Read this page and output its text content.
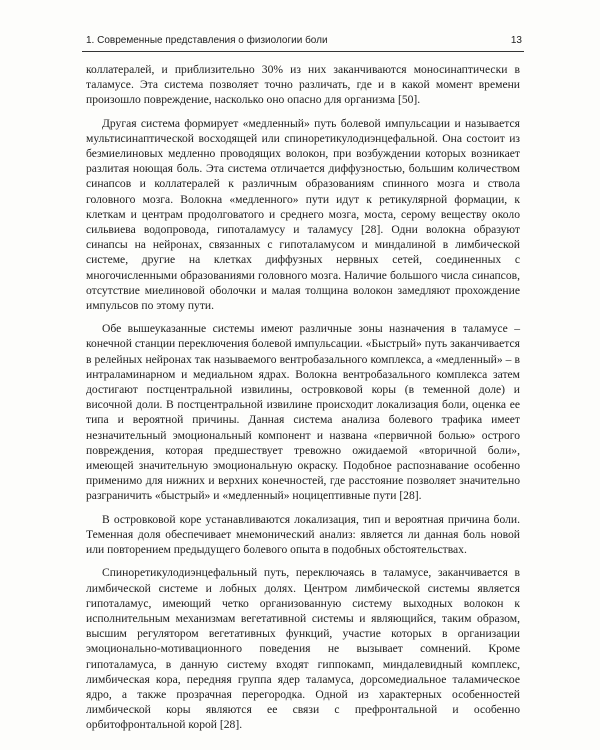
1. Современные представления о физиологии боли	13

коллатералей, и приблизительно 30% из них заканчиваются моносинаптически в таламусе. Эта система позволяет точно различать, где и в какой момент времени произошло повреждение, насколько оно опасно для организма [50].

Другая система формирует «медленный» путь болевой импульсации и называется мультисинаптической восходящей или спиноретикулодиэнцефальной. Она состоит из безмиелиновых медленно проводящих волокон, при возбуждении которых возникает разлитая ноющая боль. Эта система отличается диффузностью, большим количеством синапсов и коллатералей к различным образованиям спинного мозга и ствола головного мозга. Волокна «медленного» пути идут к ретикулярной формации, к клеткам и центрам продолговатого и среднего мозга, моста, серому веществу около сильвиева водопровода, гипоталамусу и таламусу [28]. Одни волокна образуют синапсы на нейронах, связанных с гипоталамусом и миндалиной в лимбической системе, другие на клетках диффузных нервных сетей, соединенных с многочисленными образованиями головного мозга. Наличие большого числа синапсов, отсутствие миелиновой оболочки и малая толщина волокон замедляют прохождение импульсов по этому пути.

Обе вышеуказанные системы имеют различные зоны назначения в таламусе – конечной станции переключения болевой импульсации. «Быстрый» путь заканчивается в релейных нейронах так называемого вентробазального комплекса, а «медленный» – в интраламинарном и медиальном ядрах. Волокна вентробазального комплекса затем достигают постцентральной извилины, островковой коры (в теменной доле) и височной доли. В постцентральной извилине происходит локализация боли, оценка ее типа и вероятной причины. Данная система анализа болевого трафика имеет незначительный эмоциональный компонент и названа «первичной болью» острого повреждения, которая предшествует тревожно ожидаемой «вторичной боли», имеющей значительную эмоциональную окраску. Подобное распознавание особенно применимо для нижних и верхних конечностей, где расстояние позволяет значительно разграничить «быстрый» и «медленный» ноцицептивные пути [28].

В островковой коре устанавливаются локализация, тип и вероятная причина боли. Теменная доля обеспечивает мнемонический анализ: является ли данная боль новой или повторением предыдущего болевого опыта в подобных обстоятельствах.

Спиноретикулодиэнцефальный путь, переключаясь в таламусе, заканчивается в лимбической системе и лобных долях. Центром лимбической системы является гипоталамус, имеющий четко организованную систему выходных волокон к исполнительным механизмам вегетативной системы и являющийся, таким образом, высшим регулятором вегетативных функций, участие которых в организации эмоционально-мотивационного поведения не вызывает сомнений. Кроме гипоталамуса, в данную систему входят гиппокамп, миндалевидный комплекс, лимбическая кора, передняя группа ядер таламуса, дорсомедиальное таламическое ядро, а также прозрачная перегородка. Одной из характерных особенностей лимбической коры являются ее связи с префронтальной и особенно орбитофронтальной корой [28].
